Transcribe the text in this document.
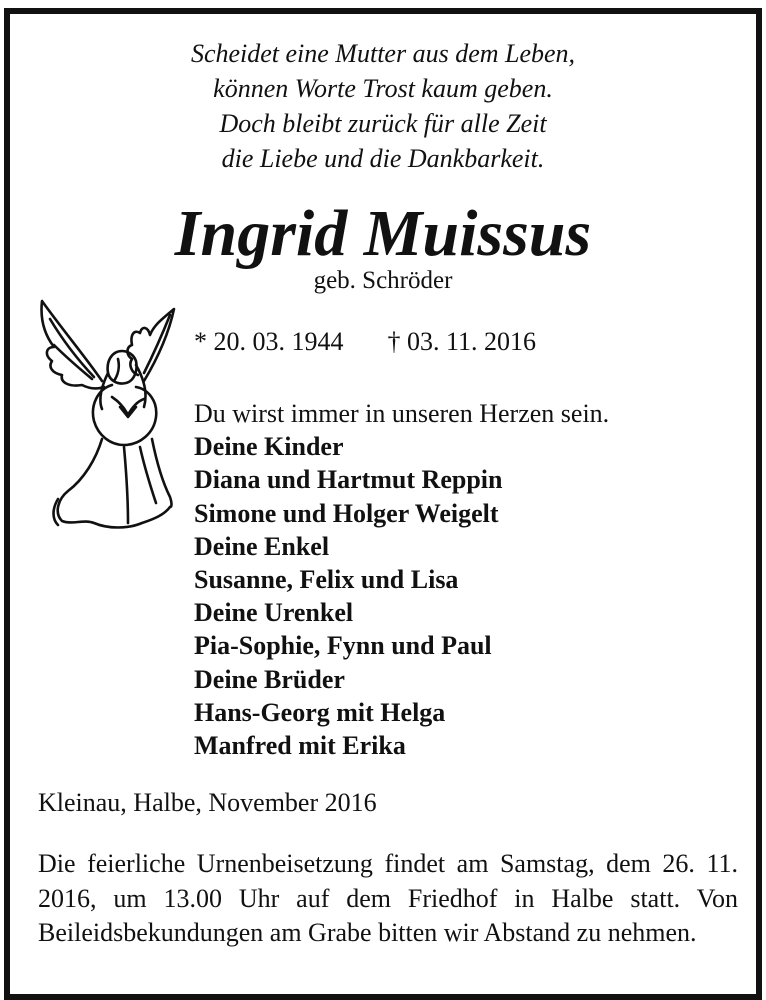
Scheidet eine Mutter aus dem Leben,
können Worte Trost kaum geben.
Doch bleibt zurück für alle Zeit
die Liebe und die Dankbarkeit.
Ingrid Muissus
geb. Schröder
* 20. 03. 1944 † 03. 11. 2016
Du wirst immer in unseren Herzen sein.
Deine Kinder
Diana und Hartmut Reppin
Simone und Holger Weigelt
Deine Enkel
Susanne, Felix und Lisa
Deine Urenkel
Pia-Sophie, Fynn und Paul
Deine Brüder
Hans-Georg mit Helga
Manfred mit Erika
Kleinau, Halbe, November 2016
Die feierliche Urnenbeisetzung findet am Samstag, dem 26. 11. 2016, um 13.00 Uhr auf dem Friedhof in Halbe statt. Von Beileidsbekundungen am Grabe bitten wir Abstand zu nehmen.
